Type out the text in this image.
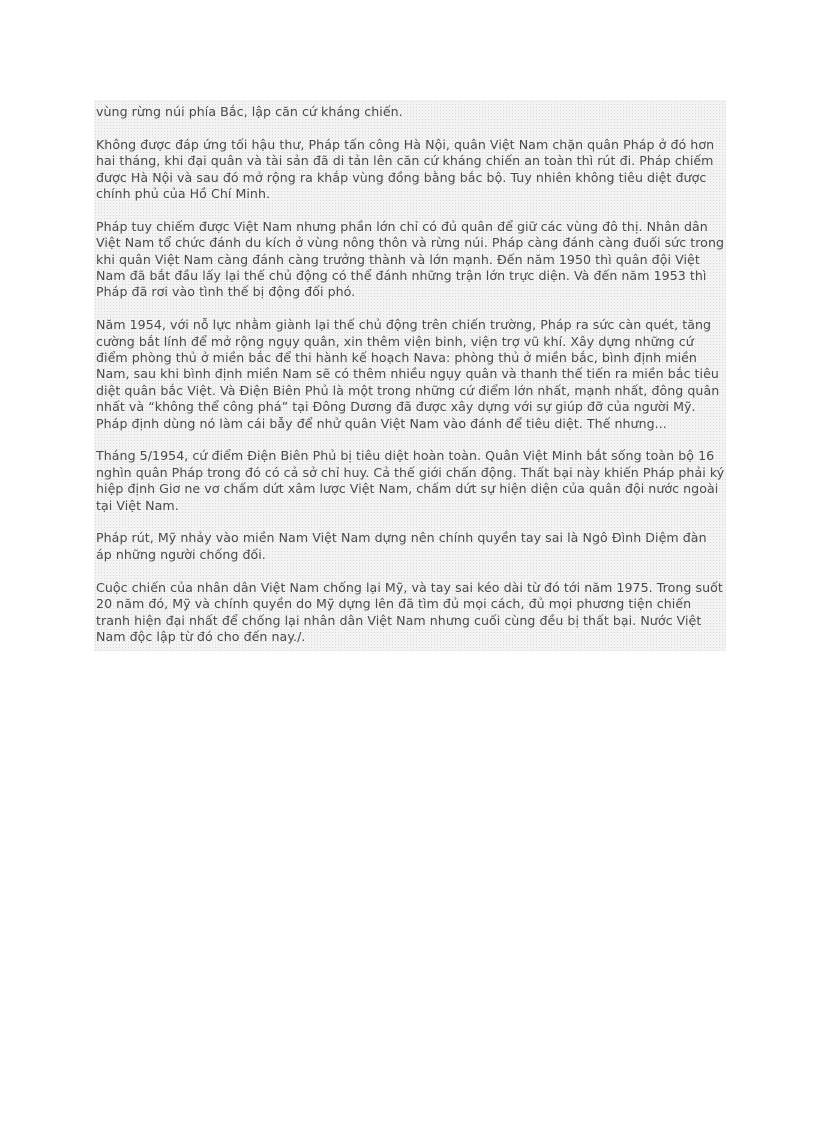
vùng rừng núi phía Bắc, lập căn cứ kháng chiến.

Không được đáp ứng tối hậu thư, Pháp tấn công Hà Nội, quân Việt Nam chặn quân Pháp ở đó hơn hai tháng, khi đại quân và tài sản đã di tản lên căn cứ kháng chiến an toàn thì rút đi. Pháp chiếm được Hà Nội và sau đó mở rộng ra khắp vùng đồng bằng bắc bộ. Tuy nhiên không tiêu diệt được chính phủ của Hồ Chí Minh.

Pháp tuy chiếm được Việt Nam nhưng phần lớn chỉ có đủ quân để giữ các vùng đô thị. Nhân dân Việt Nam tổ chức đánh du kích ở vùng nông thôn và rừng núi. Pháp càng đánh càng đuối sức trong khi quân Việt Nam càng đánh càng trưởng thành và lớn mạnh. Đến năm 1950 thì quân đội Việt Nam đã bắt đầu lấy lại thế chủ động có thể đánh những trận lớn trực diện. Và đến năm 1953 thì Pháp đã rơi vào tình thế bị động đối phó.

Năm 1954, với nỗ lực nhằm giành lại thế chủ động trên chiến trường, Pháp ra sức càn quét, tăng cường bắt lính để mở rộng ngụy quân, xin thêm viện binh, viện trợ vũ khí. Xây dựng những cứ điểm phòng thủ ở miền bắc để thi hành kế hoạch Nava: phòng thủ ở miền bắc, bình định miền Nam, sau khi bình định miền Nam sẽ có thêm nhiều ngụy quân và thanh thế tiến ra miền bắc tiêu diệt quân bắc Việt. Và Điện Biên Phủ là một trong những cứ điểm lớn nhất, mạnh nhất, đông quân nhất và “không thể công phá” tại Đông Dương đã được xây dựng với sự giúp đỡ của người Mỹ. Pháp định dùng nó làm cái bẫy để nhử quân Việt Nam vào đánh để tiêu diệt. Thế nhưng...

Tháng 5/1954, cứ điểm Điện Biên Phủ bị tiêu diệt hoàn toàn. Quân Việt Minh bắt sống toàn bộ 16 nghìn quân Pháp trong đó có cả sở chỉ huy. Cả thế giới chấn động. Thất bại này khiến Pháp phải ký hiệp định Giơ ne vơ chấm dứt xâm lược Việt Nam, chấm dứt sự hiện diện của quân đội nước ngoài tại Việt Nam.

Pháp rút, Mỹ nhảy vào miền Nam Việt Nam dựng nên chính quyền tay sai là Ngô Đình Diệm đàn áp những người chống đối.

Cuộc chiến của nhân dân Việt Nam chống lại Mỹ, và tay sai kéo dài từ đó tới năm 1975. Trong suốt 20 năm đó, Mỹ và chính quyền do Mỹ dựng lên đã tìm đủ mọi cách, đủ mọi phương tiện chiến tranh hiện đại nhất để chống lại nhân dân Việt Nam nhưng cuối cùng đều bị thất bại. Nước Việt Nam độc lập từ đó cho đến nay./.
